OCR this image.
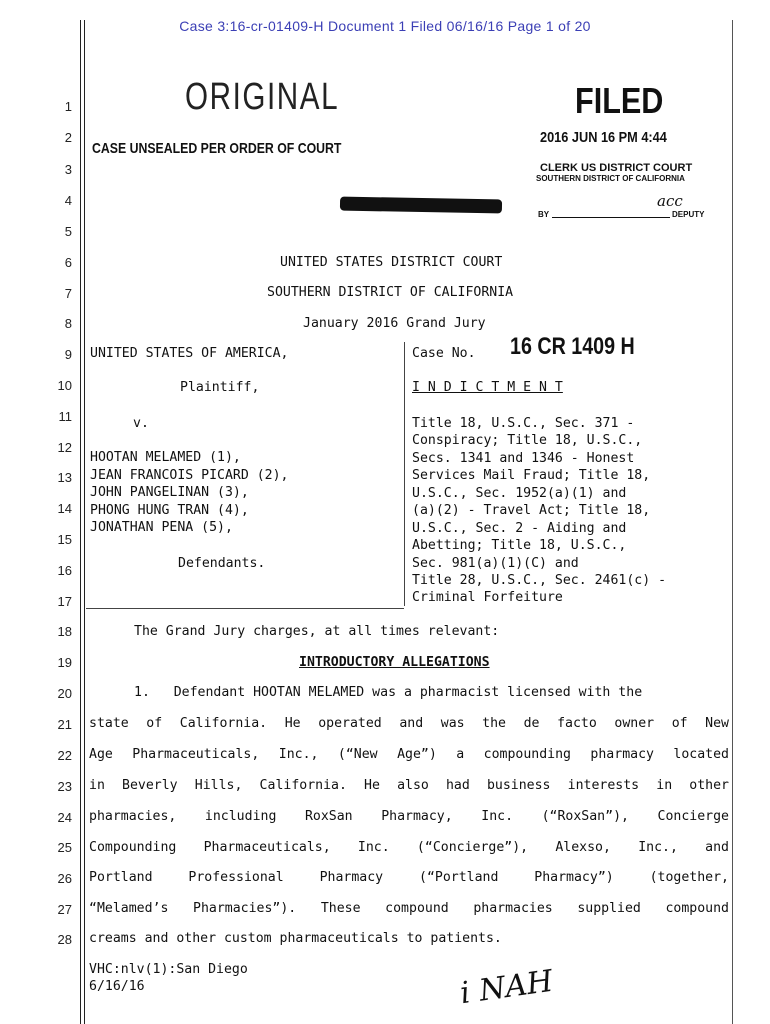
Case 3:16-cr-01409-H Document 1 Filed 06/16/16 Page 1 of 20
1
2
3
4
5
6
7
8
9
10
11
12
13
14
15
16
17
18
19
20
21
22
23
24
25
26
27
28
ORIGINAL	FILED
CASE UNSEALED PER ORDER OF COURT
2016 JUN 16 PM 4:44
CLERK US DISTRICT COURT
SOUTHERN DISTRICT OF CALIFORNIA
acc
BY	DEPUTY
UNITED STATES DISTRICT COURT
SOUTHERN DISTRICT OF CALIFORNIA
January 2016 Grand Jury
UNITED STATES OF AMERICA,
Plaintiff,
v.
HOOTAN MELAMED (1),
JEAN FRANCOIS PICARD (2),
JOHN PANGELINAN (3),
PHONG HUNG TRAN (4),
JONATHAN PENA (5),
Defendants.
Case No. 16 CR 1409 H
I N D I C T M E N T
Title 18, U.S.C., Sec. 371 -
Conspiracy; Title 18, U.S.C.,
Secs. 1341 and 1346 - Honest
Services Mail Fraud; Title 18,
U.S.C., Sec. 1952(a)(1) and
(a)(2) - Travel Act; Title 18,
U.S.C., Sec. 2 - Aiding and
Abetting; Title 18, U.S.C.,
Sec. 981(a)(1)(C) and
Title 28, U.S.C., Sec. 2461(c) -
Criminal Forfeiture
The Grand Jury charges, at all times relevant:
INTRODUCTORY ALLEGATIONS
1.   Defendant HOOTAN MELAMED was a pharmacist licensed with the
state of California. He operated and was the de facto owner of New
Age Pharmaceuticals, Inc., (“New Age”) a compounding pharmacy located
in Beverly Hills, California. He also had business interests in other
pharmacies, including RoxSan Pharmacy, Inc. (“RoxSan”), Concierge
Compounding Pharmaceuticals, Inc. (“Concierge”), Alexso, Inc., and
Portland Professional Pharmacy (“Portland Pharmacy”) (together,
“Melamed’s Pharmacies”). These compound pharmacies supplied compound
creams and other custom pharmaceuticals to patients.
VHC:nlv(1):San Diego
6/16/16	i NAH
